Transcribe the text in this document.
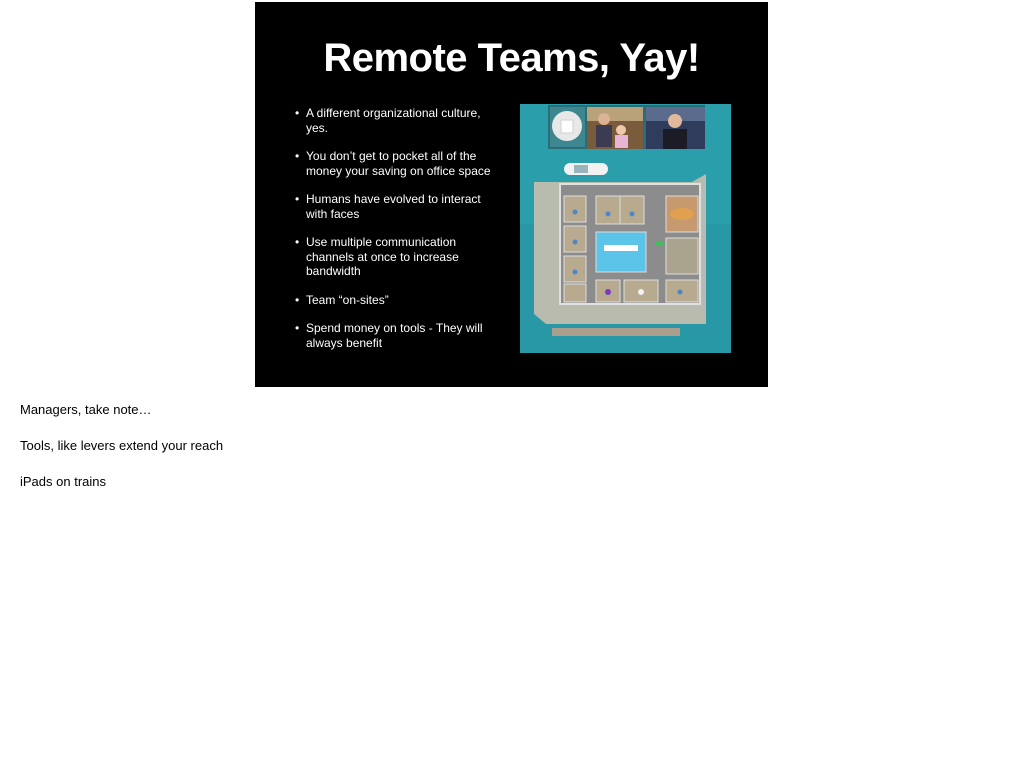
Remote Teams, Yay!
• A different organizational culture, yes.
• You don’t get to pocket all of the money your saving on office space
• Humans have evolved to interact with faces
• Use multiple communication channels at once to increase bandwidth
• Team “on-sites”
• Spend money on tools - They will always benefit

Managers, take note…

Tools, like levers extend your reach

iPads on trains
